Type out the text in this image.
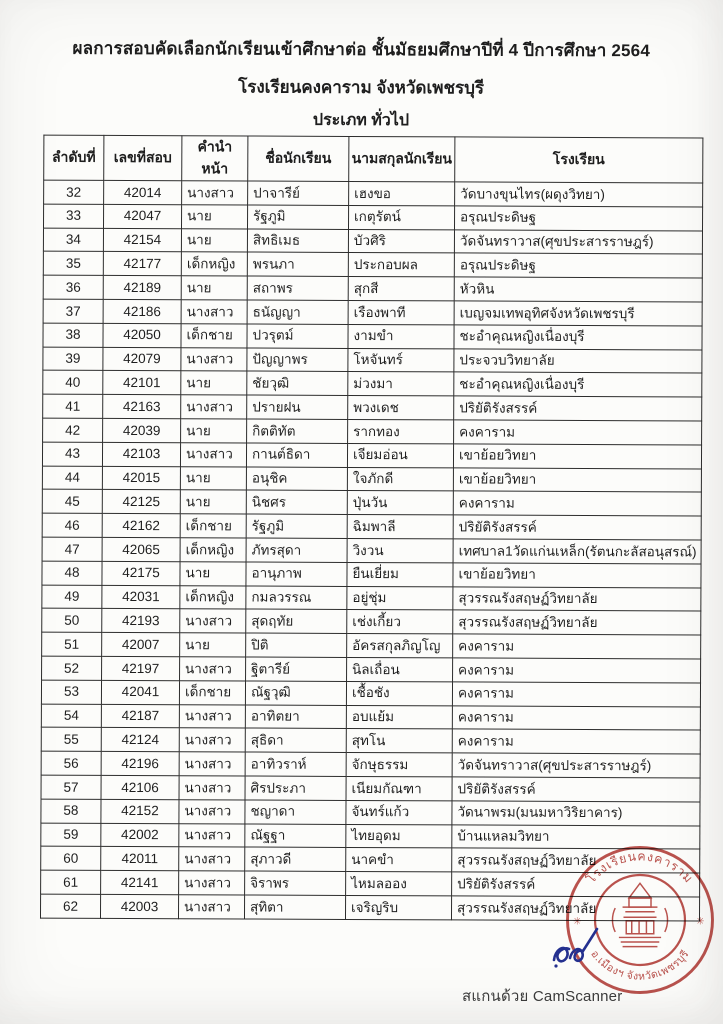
ผลการสอบคัดเลือกนักเรียนเข้าศึกษาต่อ ชั้นมัธยมศึกษาปีที่ 4 ปีการศึกษา 2564
โรงเรียนคงคาราม จังหวัดเพชรบุรี
ประเภท ทั่วไป
ลำดับที่	เลขที่สอบ	คำนำหน้า	ชื่อนักเรียน	นามสกุลนักเรียน	โรงเรียน
32	42014	นางสาว	ปาจารีย์	เฮงขอ	วัดบางขุนไทร(ผดุงวิทยา)
33	42047	นาย	รัฐภูมิ	เกตุรัตน์	อรุณประดิษฐ
34	42154	นาย	สิทธิเมธ	บัวศิริ	วัดจันทราวาส(ศุขประสารราษฎร์)
35	42177	เด็กหญิง	พรนภา	ประกอบผล	อรุณประดิษฐ
36	42189	นาย	สถาพร	สุกสี	หัวหิน
37	42186	นางสาว	ธนัญญา	เรืองพาที	เบญจมเทพอุทิศจังหวัดเพชรบุรี
38	42050	เด็กชาย	ปวรุตม์	งามขำ	ชะอำคุณหญิงเนื่องบุรี
39	42079	นางสาว	ปัญญาพร	โหจันทร์	ประจวบวิทยาลัย
40	42101	นาย	ชัยวุฒิ	ม่วงมา	ชะอำคุณหญิงเนื่องบุรี
41	42163	นางสาว	ปรายฝน	พวงเดช	ปริยัติรังสรรค์
42	42039	นาย	กิตติทัต	รากทอง	คงคาราม
43	42103	นางสาว	กานต์ธิดา	เจียมอ่อน	เขาย้อยวิทยา
44	42015	นาย	อนุชิค	ใจภักดี	เขาย้อยวิทยา
45	42125	นาย	นิชศร	ปุ่นวัน	คงคาราม
46	42162	เด็กชาย	รัฐภูมิ	ฉิมพาลี	ปริยัติรังสรรค์
47	42065	เด็กหญิง	ภัทรสุดา	วิงวน	เทศบาล1วัดแก่นเหล็ก(รัตนกะลัสอนุสรณ์)
48	42175	นาย	อานุภาพ	ยืนเยี่ยม	เขาย้อยวิทยา
49	42031	เด็กหญิง	กมลวรรณ	อยู่ชุ่ม	สุวรรณรังสฤษฏ์วิทยาลัย
50	42193	นางสาว	สุดฤทัย	เช่งเกี้ยว	สุวรรณรังสฤษฏ์วิทยาลัย
51	42007	นาย	ปิติ	อัครสกุลภิญโญ	คงคาราม
52	42197	นางสาว	ฐิตารีย์	นิลเถื่อน	คงคาราม
53	42041	เด็กชาย	ณัฐวุฒิ	เชื้อชัง	คงคาราม
54	42187	นางสาว	อาทิตยา	อบแย้ม	คงคาราม
55	42124	นางสาว	สุธิดา	สุทโน	คงคาราม
56	42196	นางสาว	อาทิวราห์	จักษุธรรม	วัดจันทราวาส(ศุขประสารราษฎร์)
57	42106	นางสาว	ศิรประภา	เนียมกัณฑา	ปริยัติรังสรรค์
58	42152	นางสาว	ชญาดา	จันทร์แก้ว	วัดนาพรม(มนมหาวิริยาคาร)
59	42002	นางสาว	ณัฐฐา	ไทยอุดม	บ้านแหลมวิทยา
60	42011	นางสาว	สุภาวดี	นาคขำ	สุวรรณรังสฤษฏ์วิทยาลัย
61	42141	นางสาว	จิราพร	ไหมลออง	ปริยัติรังสรรค์
62	42003	นางสาว	สุทิตา	เจริญริบ	สุวรรณรังสฤษฏ์วิทยาลัย
โรงเรียนคงคาราม
อ.เมืองฯ จังหวัดเพชรบุรี
✳	✳
สแกนด้วย CamScanner
